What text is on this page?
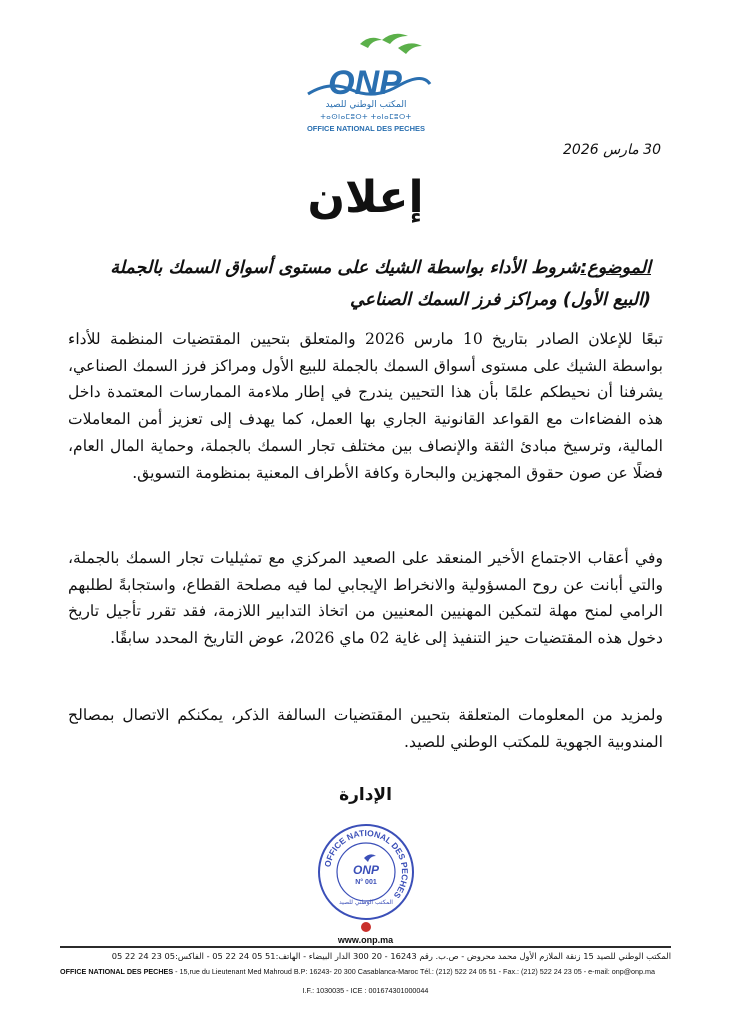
ONP
المكتب الوطني للصيد
ⵜⴰⵙⵏⴰⵎⵓⵔⵜ ⵜⴰⵏⴰⵎⵓⵔⵜ
OFFICE NATIONAL DES PECHES
30 مارس 2026
إعلان
الموضوع:شروط الأداء بواسطة الشيك على مستوى أسواق السمك بالجملة (البيع الأول) ومراكز فرز السمك الصناعي
تبعًا للإعلان الصادر بتاريخ 10 مارس 2026 والمتعلق بتحيين المقتضيات المنظمة للأداء بواسطة الشيك على مستوى أسواق السمك بالجملة للبيع الأول ومراكز فرز السمك الصناعي، يشرفنا أن نحيطكم علمًا بأن هذا التحيين يندرج في إطار ملاءمة الممارسات المعتمدة داخل هذه الفضاءات مع القواعد القانونية الجاري بها العمل، كما يهدف إلى تعزيز أمن المعاملات المالية، وترسيخ مبادئ الثقة والإنصاف بين مختلف تجار السمك بالجملة، وحماية المال العام، فضلًا عن صون حقوق المجهزين والبحارة وكافة الأطراف المعنية بمنظومة التسويق.
وفي أعقاب الاجتماع الأخير المنعقد على الصعيد المركزي مع تمثيليات تجار السمك بالجملة، والتي أبانت عن روح المسؤولية والانخراط الإيجابي لما فيه مصلحة القطاع، واستجابةً لطلبهم الرامي لمنح مهلة لتمكين المهنيين المعنيين من اتخاذ التدابير اللازمة، فقد تقرر تأجيل تاريخ دخول هذه المقتضيات حيز التنفيذ إلى غاية 02 ماي 2026، عوض التاريخ المحدد سابقًا.
ولمزيد من المعلومات المتعلقة بتحيين المقتضيات السالفة الذكر، يمكنكم الاتصال بمصالح المندوبية الجهوية للمكتب الوطني للصيد.
الإدارة
OFFICE NATIONAL DES PECHES
ONP
N° 001
المكتب الوطني للصيد
www.onp.ma
المكتب الوطني للصيد 15 زنقة الملازم الأول محمد محروض - ص.ب. رقم 16243 - 20 300 الدار البيضاء - الهاتف:51 05 24 22 05 - الفاكس:05 23 24 22 05
OFFICE NATIONAL DES PECHES - 15,rue du Lieutenant Med Mahroud B.P: 16243- 20 300 Casablanca-Maroc Tél.: (212) 522 24 05 51 - Fax.: (212) 522 24 23 05 - e-mail: onp@onp.ma
I.F.: 1030035 - ICE : 001674301000044
